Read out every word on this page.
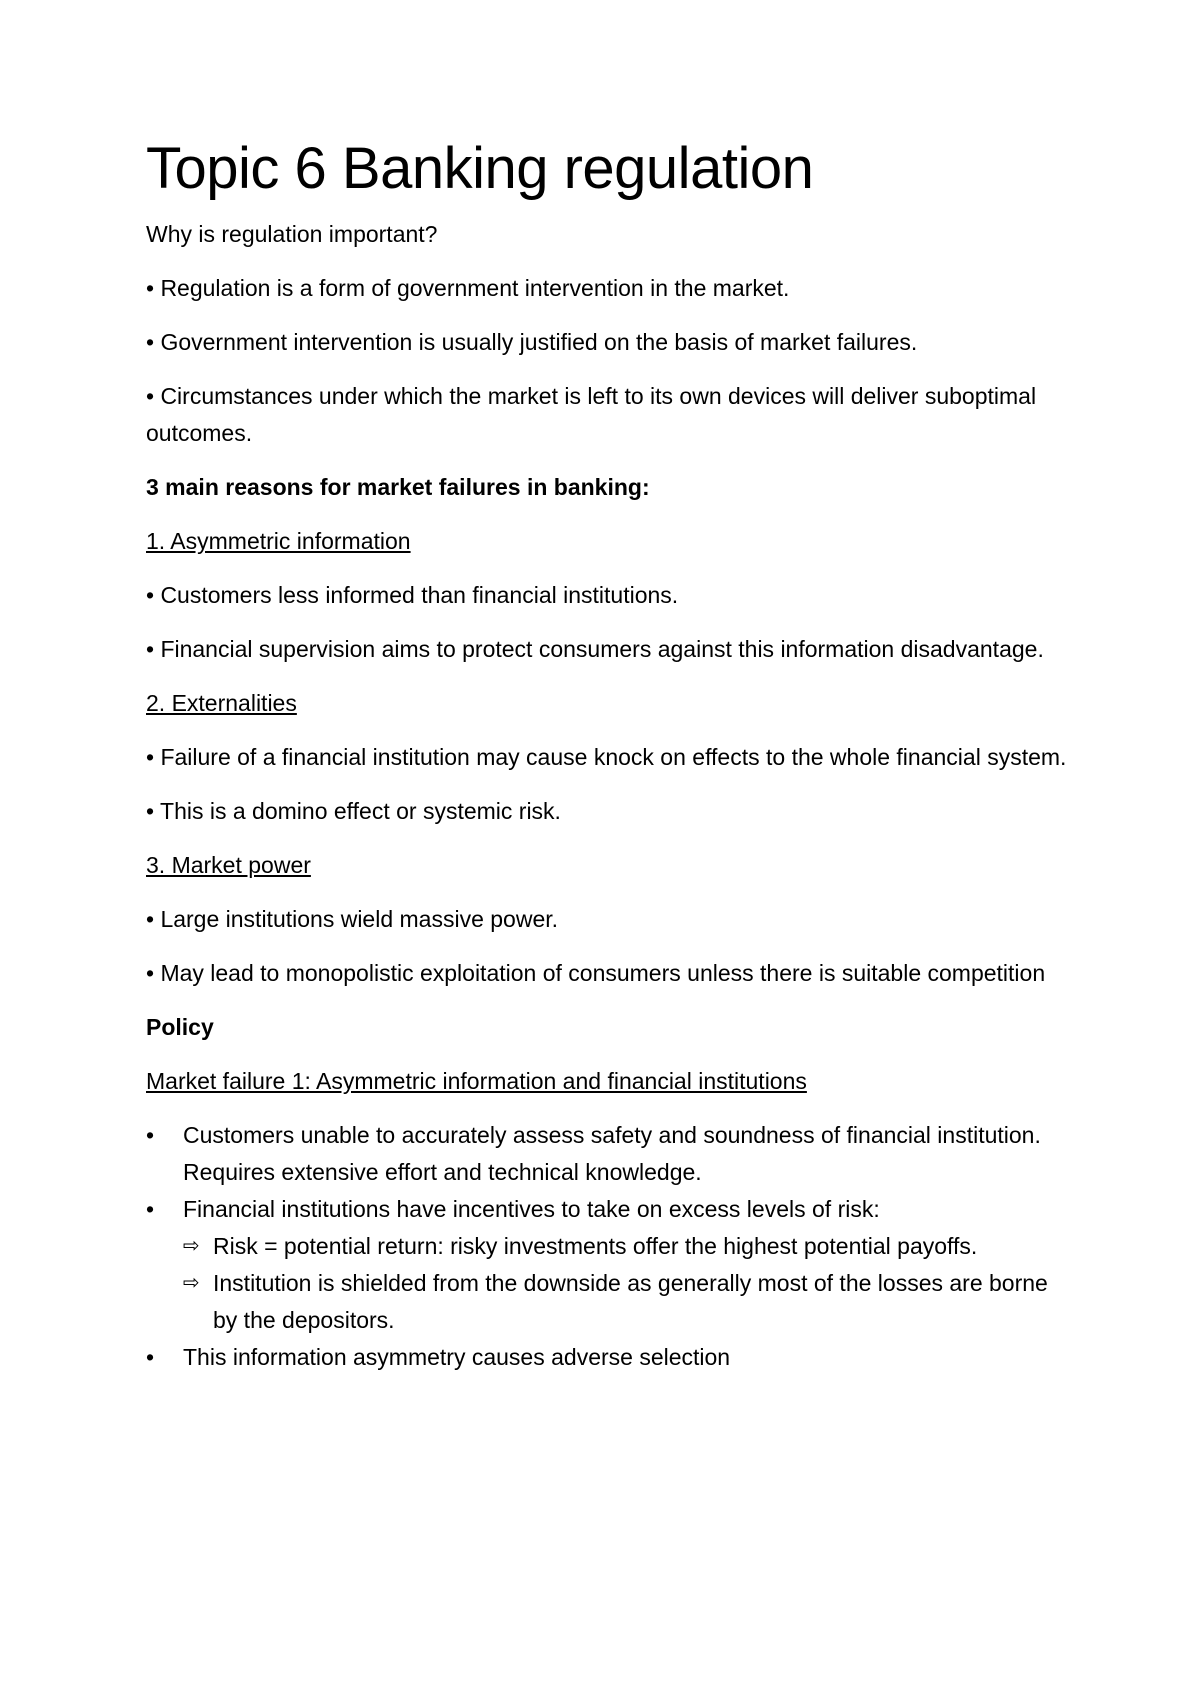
Topic 6 Banking regulation

Why is regulation important?

• Regulation is a form of government intervention in the market.

• Government intervention is usually justified on the basis of market failures.

• Circumstances under which the market is left to its own devices will deliver suboptimal outcomes.

3 main reasons for market failures in banking:

1. Asymmetric information

• Customers less informed than financial institutions.

• Financial supervision aims to protect consumers against this information disadvantage.

2. Externalities

• Failure of a financial institution may cause knock on effects to the whole financial system.

• This is a domino effect or systemic risk.

3. Market power

• Large institutions wield massive power.

• May lead to monopolistic exploitation of consumers unless there is suitable competition

Policy

Market failure 1: Asymmetric information and financial institutions

•	Customers unable to accurately assess safety and soundness of financial institution. Requires extensive effort and technical knowledge.
•	Financial institutions have incentives to take on excess levels of risk:
⇨ Risk = potential return: risky investments offer the highest potential payoffs.
⇨ Institution is shielded from the downside as generally most of the losses are borne by the depositors.
•	This information asymmetry causes adverse selection
